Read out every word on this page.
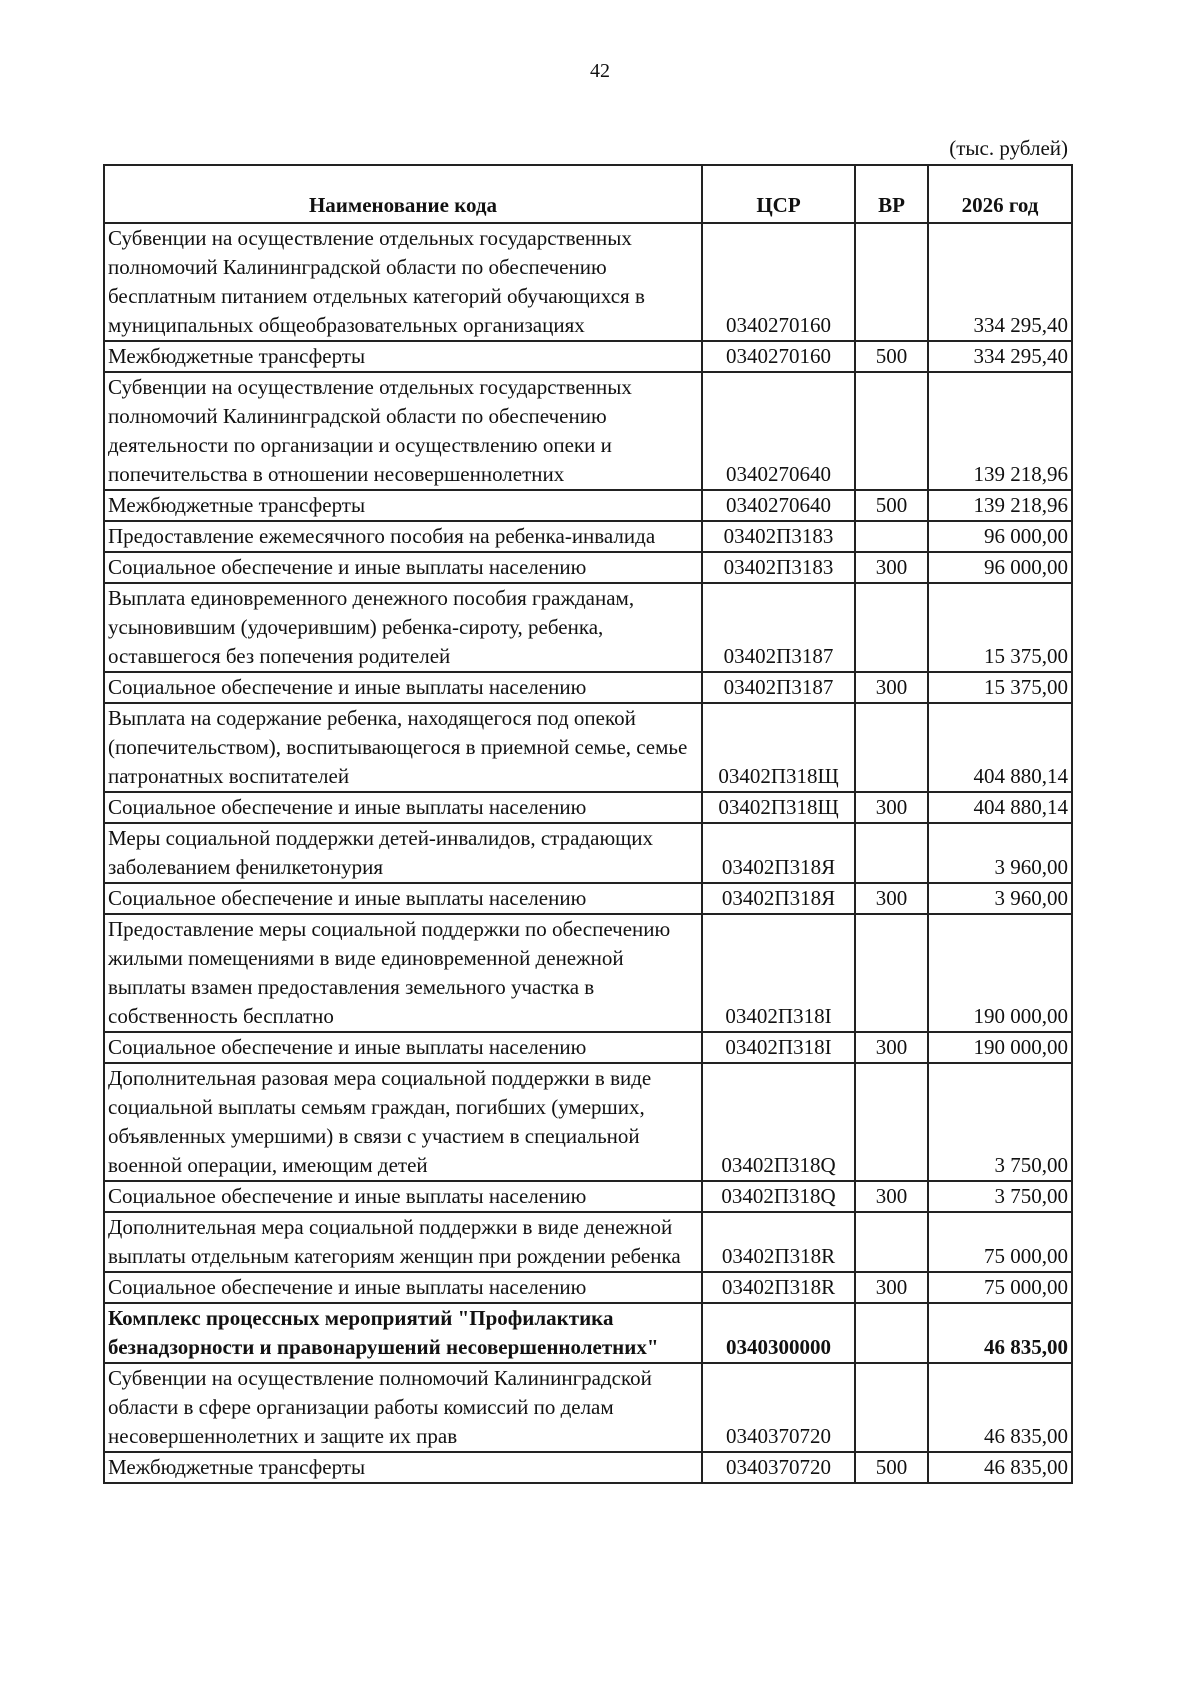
42
(тыс. рублей)
Наименование кода	ЦСР	ВР	2026 год
Субвенции на осуществление отдельных государственных полномочий Калининградской области по обеспечению бесплатным питанием отдельных категорий обучающихся в муниципальных общеобразовательных организациях	0340270160		334 295,40
Межбюджетные трансферты	0340270160	500	334 295,40
Субвенции на осуществление отдельных государственных полномочий Калининградской области по обеспечению деятельности по организации и осуществлению опеки и попечительства в отношении несовершеннолетних	0340270640		139 218,96
Межбюджетные трансферты	0340270640	500	139 218,96
Предоставление ежемесячного пособия на ребенка-инвалида	03402П3183		96 000,00
Социальное обеспечение и иные выплаты населению	03402П3183	300	96 000,00
Выплата единовременного денежного пособия гражданам, усыновившим (удочерившим) ребенка-сироту, ребенка, оставшегося без попечения родителей	03402П3187		15 375,00
Социальное обеспечение и иные выплаты населению	03402П3187	300	15 375,00
Выплата на содержание ребенка, находящегося под опекой (попечительством), воспитывающегося в приемной семье, семье патронатных воспитателей	03402П318Щ		404 880,14
Социальное обеспечение и иные выплаты населению	03402П318Щ	300	404 880,14
Меры социальной поддержки детей-инвалидов, страдающих заболеванием фенилкетонурия	03402П318Я		3 960,00
Социальное обеспечение и иные выплаты населению	03402П318Я	300	3 960,00
Предоставление меры социальной поддержки по обеспечению жилыми помещениями в виде единовременной денежной выплаты взамен предоставления земельного участка в собственность бесплатно	03402П318I		190 000,00
Социальное обеспечение и иные выплаты населению	03402П318I	300	190 000,00
Дополнительная разовая мера социальной поддержки в виде социальной выплаты семьям граждан, погибших (умерших, объявленных умершими) в связи с участием в специальной военной операции, имеющим детей	03402П318Q		3 750,00
Социальное обеспечение и иные выплаты населению	03402П318Q	300	3 750,00
Дополнительная мера социальной поддержки в виде денежной выплаты отдельным категориям женщин при рождении ребенка	03402П318R		75 000,00
Социальное обеспечение и иные выплаты населению	03402П318R	300	75 000,00
Комплекс процессных мероприятий "Профилактика безнадзорности и правонарушений несовершеннолетних"	0340300000		46 835,00
Субвенции на осуществление полномочий Калининградской области в сфере организации работы комиссий по делам несовершеннолетних и защите их прав	0340370720		46 835,00
Межбюджетные трансферты	0340370720	500	46 835,00
